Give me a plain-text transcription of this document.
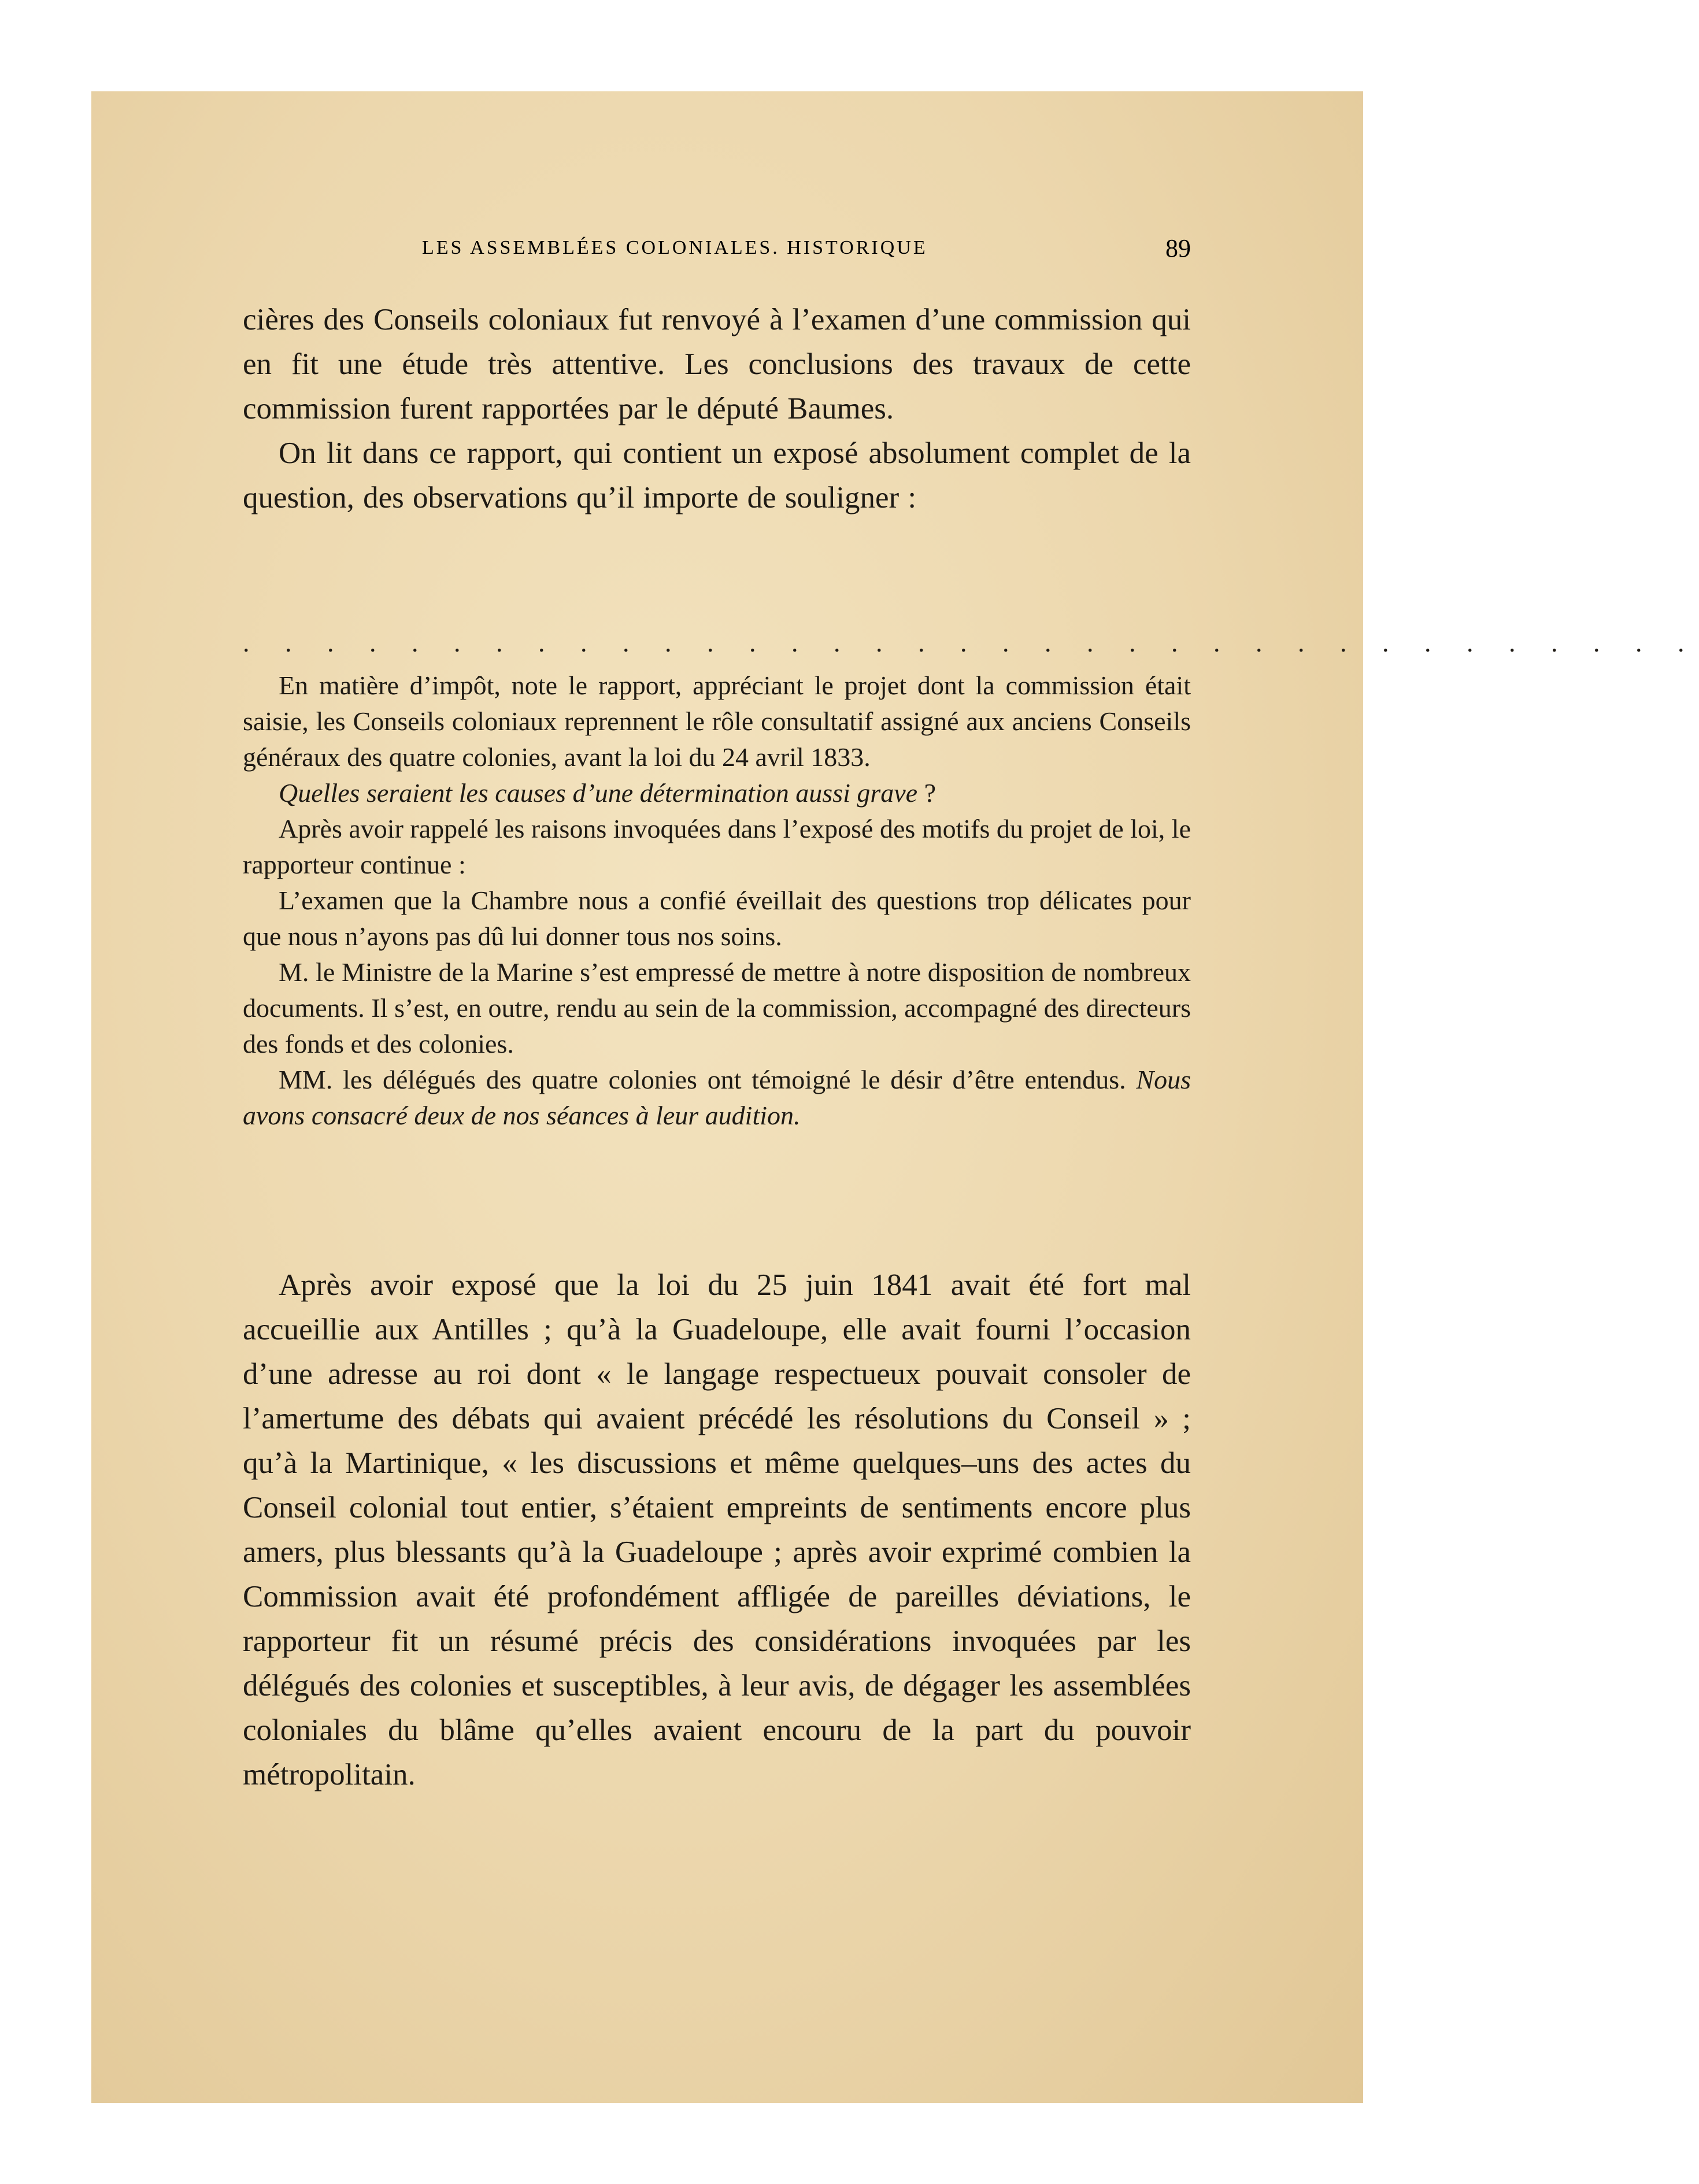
LES ASSEMBLÉES COLONIALES. HISTORIQUE	89

cières des Conseils coloniaux fut renvoyé à l’examen d’une commission qui en fit une étude très attentive. Les conclusions des travaux de cette commission furent rapportées par le député Baumes.

On lit dans ce rapport, qui contient un exposé absolument complet de la question, des observations qu’il importe de souligner :

. . . . . . . . . . . . . . . . . . . . . . . . . . . . . . . . . . .

En matière d’impôt, note le rapport, appréciant le projet dont la commission était saisie, les Conseils coloniaux reprennent le rôle consultatif assigné aux anciens Conseils généraux des quatre colonies, avant la loi du 24 avril 1833.

Quelles seraient les causes d’une détermination aussi grave ?

Après avoir rappelé les raisons invoquées dans l’exposé des motifs du projet de loi, le rapporteur continue :

L’examen que la Chambre nous a confié éveillait des questions trop délicates pour que nous n’ayons pas dû lui donner tous nos soins.

M. le Ministre de la Marine s’est empressé de mettre à notre disposition de nombreux documents. Il s’est, en outre, rendu au sein de la commission, accompagné des directeurs des fonds et des colonies.

MM. les délégués des quatre colonies ont témoigné le désir d’être entendus. Nous avons consacré deux de nos séances à leur audition.

Après avoir exposé que la loi du 25 juin 1841 avait été fort mal accueillie aux Antilles ; qu’à la Guadeloupe, elle avait fourni l’occasion d’une adresse au roi dont « le langage respectueux pouvait consoler de l’amertume des débats qui avaient précédé les résolutions du Conseil » ; qu’à la Martinique, « les discussions et même quelques–uns des actes du Conseil colonial tout entier, s’étaient empreints de sentiments encore plus amers, plus blessants qu’à la Guadeloupe ; après avoir exprimé combien la Commission avait été profondément affligée de pareilles déviations, le rapporteur fit un résumé précis des considérations invoquées par les délégués des colonies et susceptibles, à leur avis, de dégager les assemblées coloniales du blâme qu’elles avaient encouru de la part du pouvoir métropolitain.
